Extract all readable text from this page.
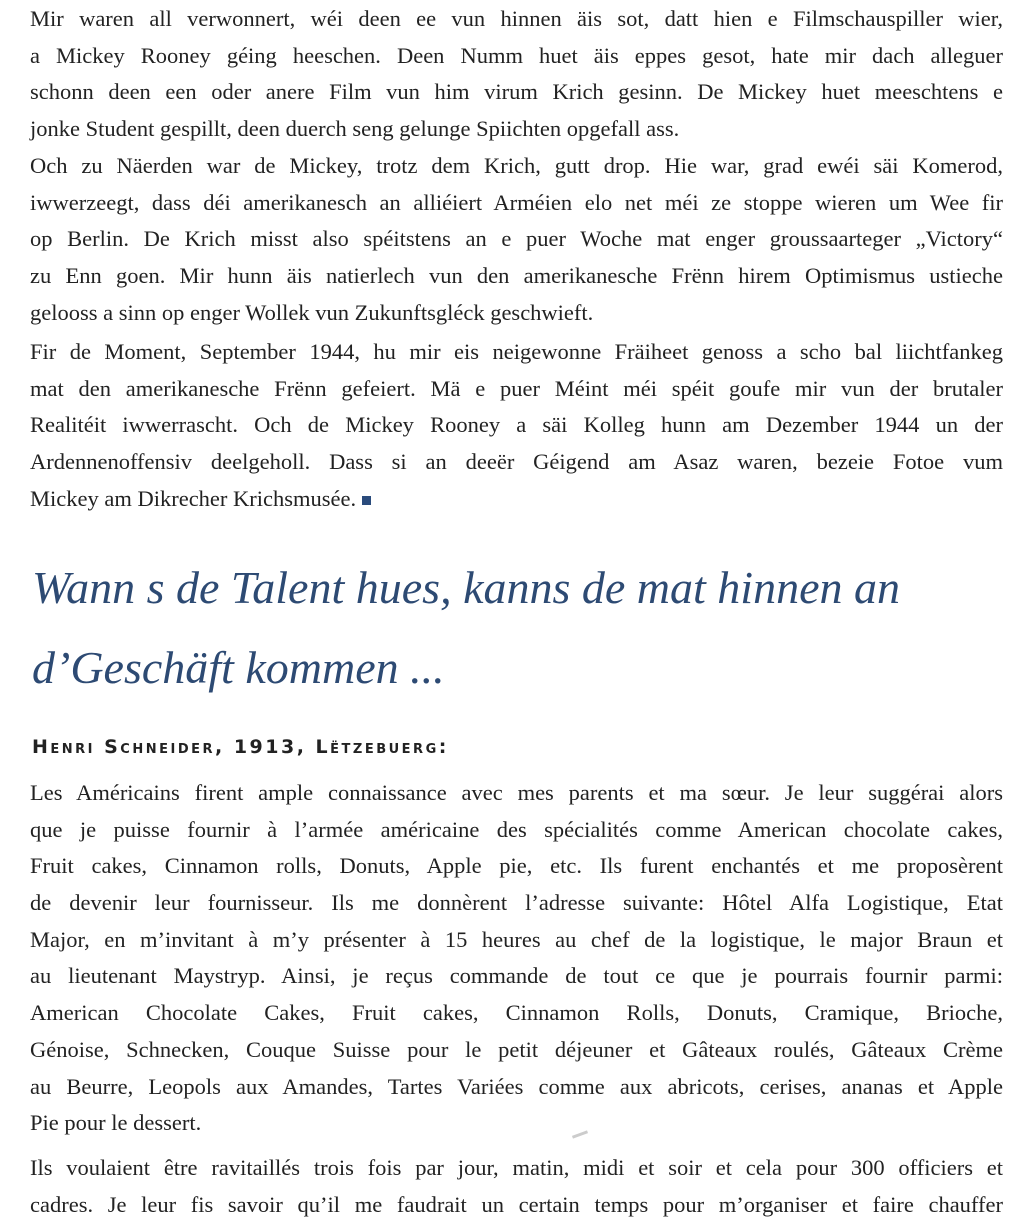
Mir waren all verwonnert, wéi deen ee vun hinnen äis sot, datt hien e Filmschauspiller wier,
a Mickey Rooney géing heeschen. Deen Numm huet äis eppes gesot, hate mir dach alleguer
schonn deen een oder anere Film vun him virum Krich gesinn. De Mickey huet meeschtens e
jonke Student gespillt, deen duerch seng gelunge Spiichten opgefall ass.
Och zu Näerden war de Mickey, trotz dem Krich, gutt drop. Hie war, grad ewéi säi Komerod,
iwwerzeegt, dass déi amerikanesch an alliéiert Arméien elo net méi ze stoppe wieren um Wee fir
op Berlin. De Krich misst also spéitstens an e puer Woche mat enger groussaarteger „Victory“
zu Enn goen. Mir hunn äis natierlech vun den amerikanesche Frënn hirem Optimismus ustieche
gelooss a sinn op enger Wollek vun Zukunftsgléck geschwieft.
Fir de Moment, September 1944, hu mir eis neigewonne Fräiheet genoss a scho bal liichtfankeg
mat den amerikanesche Frënn gefeiert. Mä e puer Méint méi spéit goufe mir vun der brutaler
Realitéit iwwerrascht. Och de Mickey Rooney a säi Kolleg hunn am Dezember 1944 un der
Ardennenoffensiv deelgeholl. Dass si an deeër Géigend am Asaz waren, bezeie Fotoe vum
Mickey am Dikrecher Krichsmusée.
Wann s de Talent hues, kanns de mat hinnen an
d’Geschäft kommen ...
Henri Schneider, 1913, Lëtzebuerg:
Les Américains firent ample connaissance avec mes parents et ma sœur. Je leur suggérai alors
que je puisse fournir à l’armée américaine des spécialités comme American chocolate cakes,
Fruit cakes, Cinnamon rolls, Donuts, Apple pie, etc. Ils furent enchantés et me proposèrent
de devenir leur fournisseur. Ils me donnèrent l’adresse suivante: Hôtel Alfa Logistique, Etat
Major, en m’invitant à m’y présenter à 15 heures au chef de la logistique, le major Braun et
au lieutenant Maystryp. Ainsi, je reçus commande de tout ce que je pourrais fournir parmi:
American Chocolate Cakes, Fruit cakes, Cinnamon Rolls, Donuts, Cramique, Brioche,
Génoise, Schnecken, Couque Suisse pour le petit déjeuner et Gâteaux roulés, Gâteaux Crème
au Beurre, Leopols aux Amandes, Tartes Variées comme aux abricots, cerises, ananas et Apple
Pie pour le dessert.
Ils voulaient être ravitaillés trois fois par jour, matin, midi et soir et cela pour 300 officiers et
cadres. Je leur fis savoir qu’il me faudrait un certain temps pour m’organiser et faire chauffer
